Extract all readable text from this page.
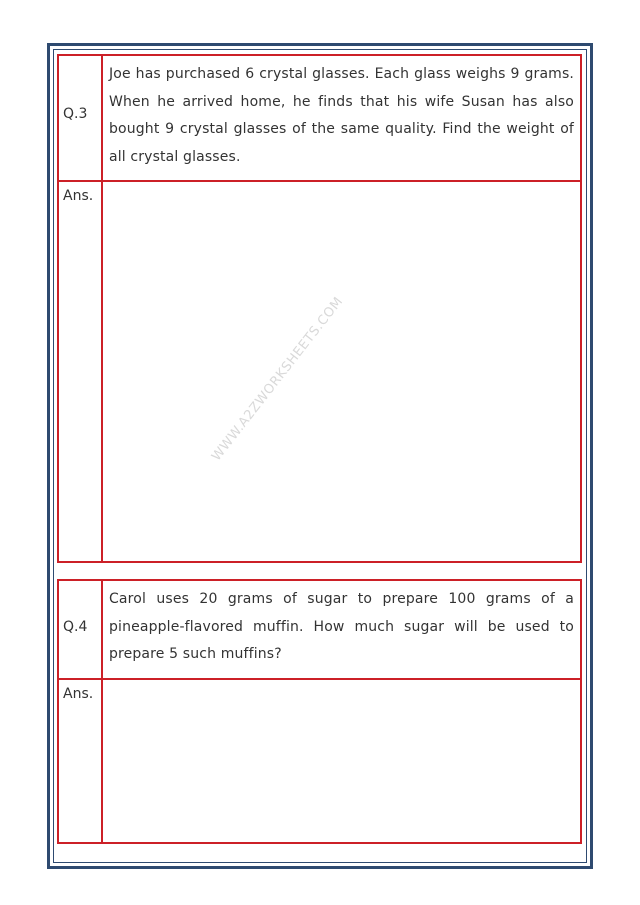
Q.3
Joe has purchased 6 crystal glasses. Each glass weighs 9 grams. When he arrived home, he finds that his wife Susan has also bought 9 crystal glasses of the same quality. Find the weight of all crystal glasses.
Ans.
Q.4
Carol uses 20 grams of sugar to prepare 100 grams of a pineapple-flavored muffin. How much sugar will be used to prepare 5 such muffins?
Ans.
WWW.A2ZWORKSHEETS.COM
